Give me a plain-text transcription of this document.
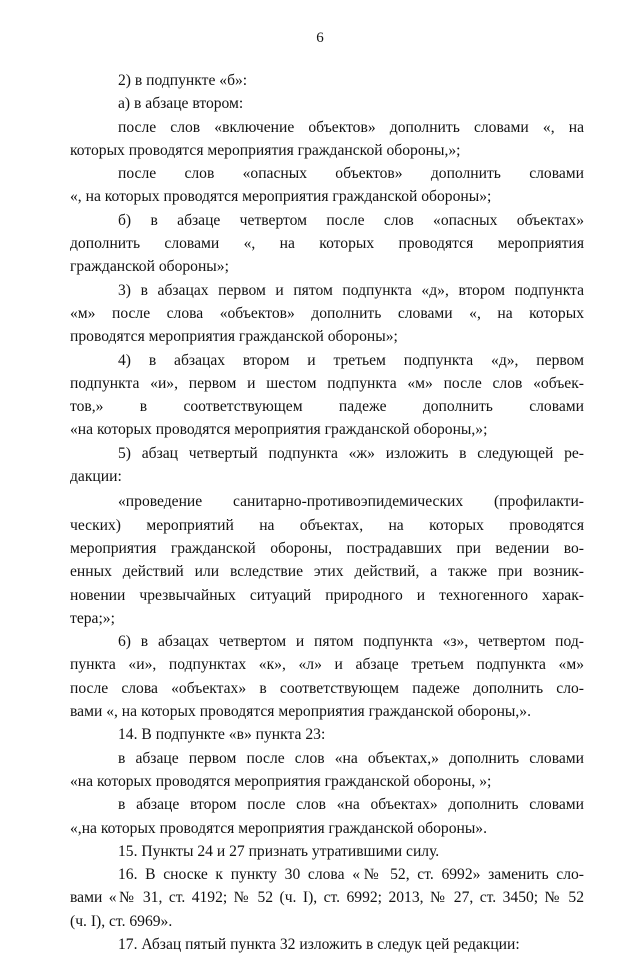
6
2) в подпункте «б»:
а) в абзаце втором:
после слов «включение объектов» дополнить словами «, на
которых проводятся мероприятия гражданской обороны,»;
после слов «опасных объектов» дополнить словами
«, на которых проводятся мероприятия гражданской обороны»;
б) в абзаце четвертом после слов «опасных объектах»
дополнить словами «, на которых проводятся мероприятия
гражданской обороны»;
3) в абзацах первом и пятом подпункта «д», втором подпункта
«м» после слова «объектов» дополнить словами «, на которых
проводятся мероприятия гражданской обороны»;
4) в абзацах втором и третьем подпункта «д», первом
подпункта «и», первом и шестом подпункта «м» после слов «объек-
тов,» в соответствующем падеже дополнить словами
«на которых проводятся мероприятия гражданской обороны,»;
5) абзац четвертый подпункта «ж» изложить в следующей ре-
дакции:
«проведение санитарно-противоэпидемических (профилакти-
ческих) мероприятий на объектах, на которых проводятся
мероприятия гражданской обороны, пострадавших при ведении во-
енных действий или вследствие этих действий, а также при возник-
новении чрезвычайных ситуаций природного и техногенного харак-
тера;»;
6) в абзацах четвертом и пятом подпункта «з», четвертом под-
пункта «и», подпунктах «к», «л» и абзаце третьем подпункта «м»
после слова «объектах» в соответствующем падеже дополнить сло-
вами «, на которых проводятся мероприятия гражданской обороны,».
14. В подпункте «в» пункта 23:
в абзаце первом после слов «на объектах,» дополнить словами
«на которых проводятся мероприятия гражданской обороны, »;
в абзаце втором после слов «на объектах» дополнить словами
«,на которых проводятся мероприятия гражданской обороны».
15. Пункты 24 и 27 признать утратившими силу.
16. В сноске к пункту 30 слова «№ 52, ст. 6992» заменить сло-
вами «№ 31, ст. 4192; № 52 (ч. I), ст. 6992; 2013, № 27, ст. 3450; № 52
(ч. I), ст. 6969».
17. Абзац пятый пункта 32 изложить в следук цей редакции:
